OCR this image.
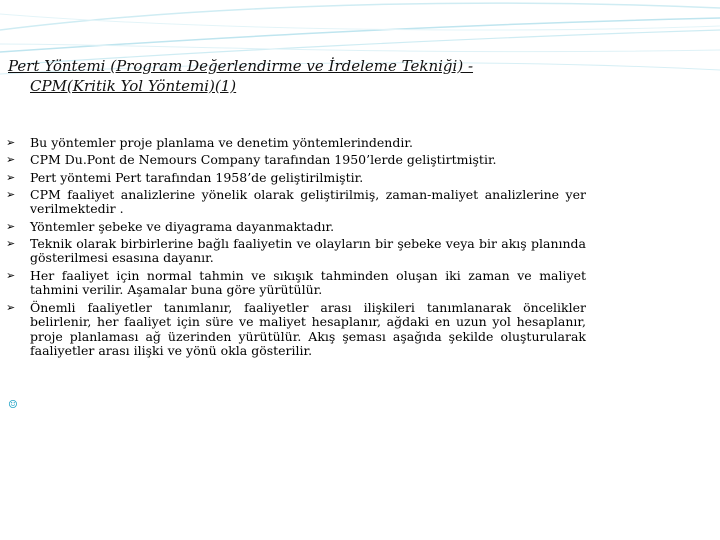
Pert Yöntemi (Program Değerlendirme ve İrdeleme Tekniği) -
CPM(Kritik Yol Yöntemi)(1)
➢	Bu yöntemler proje planlama ve denetim yöntemlerindendir.
➢	CPM Du.Pont de Nemours Company tarafından 1950’lerde geliştirtmiştir.
➢	Pert yöntemi Pert tarafından 1958’de geliştirilmiştir.
➢	CPM faaliyet analizlerine yönelik olarak geliştirilmiş, zaman-maliyet analizlerine yer verilmektedir .
➢	Yöntemler şebeke ve diyagrama dayanmaktadır.
➢	Teknik olarak birbirlerine bağlı faaliyetin ve olayların bir şebeke veya bir akış planında gösterilmesi esasına dayanır.
➢	Her faaliyet için normal tahmin ve sıkışık tahminden oluşan iki zaman ve maliyet tahmini verilir. Aşamalar buna göre yürütülür.
➢	Önemli faaliyetler tanımlanır, faaliyetler arası ilişkileri tanımlanarak öncelikler belirlenir, her faaliyet için süre ve maliyet hesaplanır, ağdaki en uzun yol hesaplanır, proje planlaması ağ üzerinden yürütülür. Akış şeması aşağıda şekilde oluşturularak faaliyetler arası ilişki ve yönü okla gösterilir.
☺
